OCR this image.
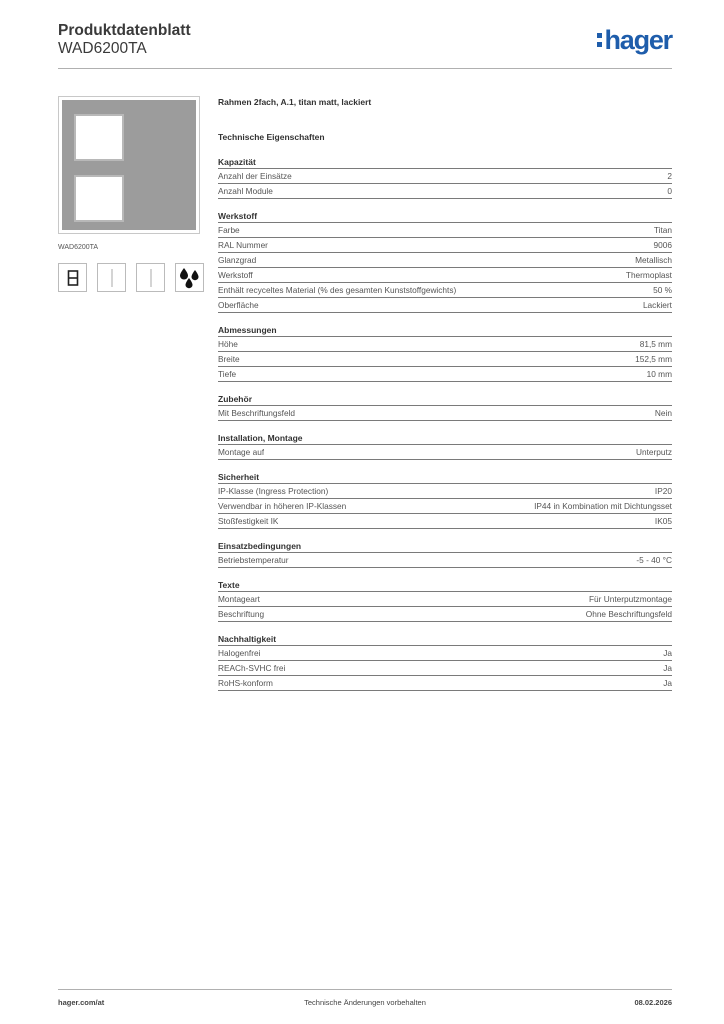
Produktdatenblatt
WAD6200TA	hager
WAD6200TA
Rahmen 2fach, A.1, titan matt, lackiert
Technische Eigenschaften
Kapazität
Anzahl der Einsätze	2
Anzahl Module	0
Werkstoff
Farbe	Titan
RAL Nummer	9006
Glanzgrad	Metallisch
Werkstoff	Thermoplast
Enthält recyceltes Material (% des gesamten Kunststoffgewichts)	50 %
Oberfläche	Lackiert
Abmessungen
Höhe	81,5 mm
Breite	152,5 mm
Tiefe	10 mm
Zubehör
Mit Beschriftungsfeld	Nein
Installation, Montage
Montage auf	Unterputz
Sicherheit
IP-Klasse (Ingress Protection)	IP20
Verwendbar in höheren IP-Klassen	IP44 in Kombination mit Dichtungsset
Stoßfestigkeit IK	IK05
Einsatzbedingungen
Betriebstemperatur	-5 - 40 °C
Texte
Montageart	Für Unterputzmontage
Beschriftung	Ohne Beschriftungsfeld
Nachhaltigkeit
Halogenfrei	Ja
REACh-SVHC frei	Ja
RoHS-konform	Ja
hager.com/at	Technische Änderungen vorbehalten	08.02.2026
